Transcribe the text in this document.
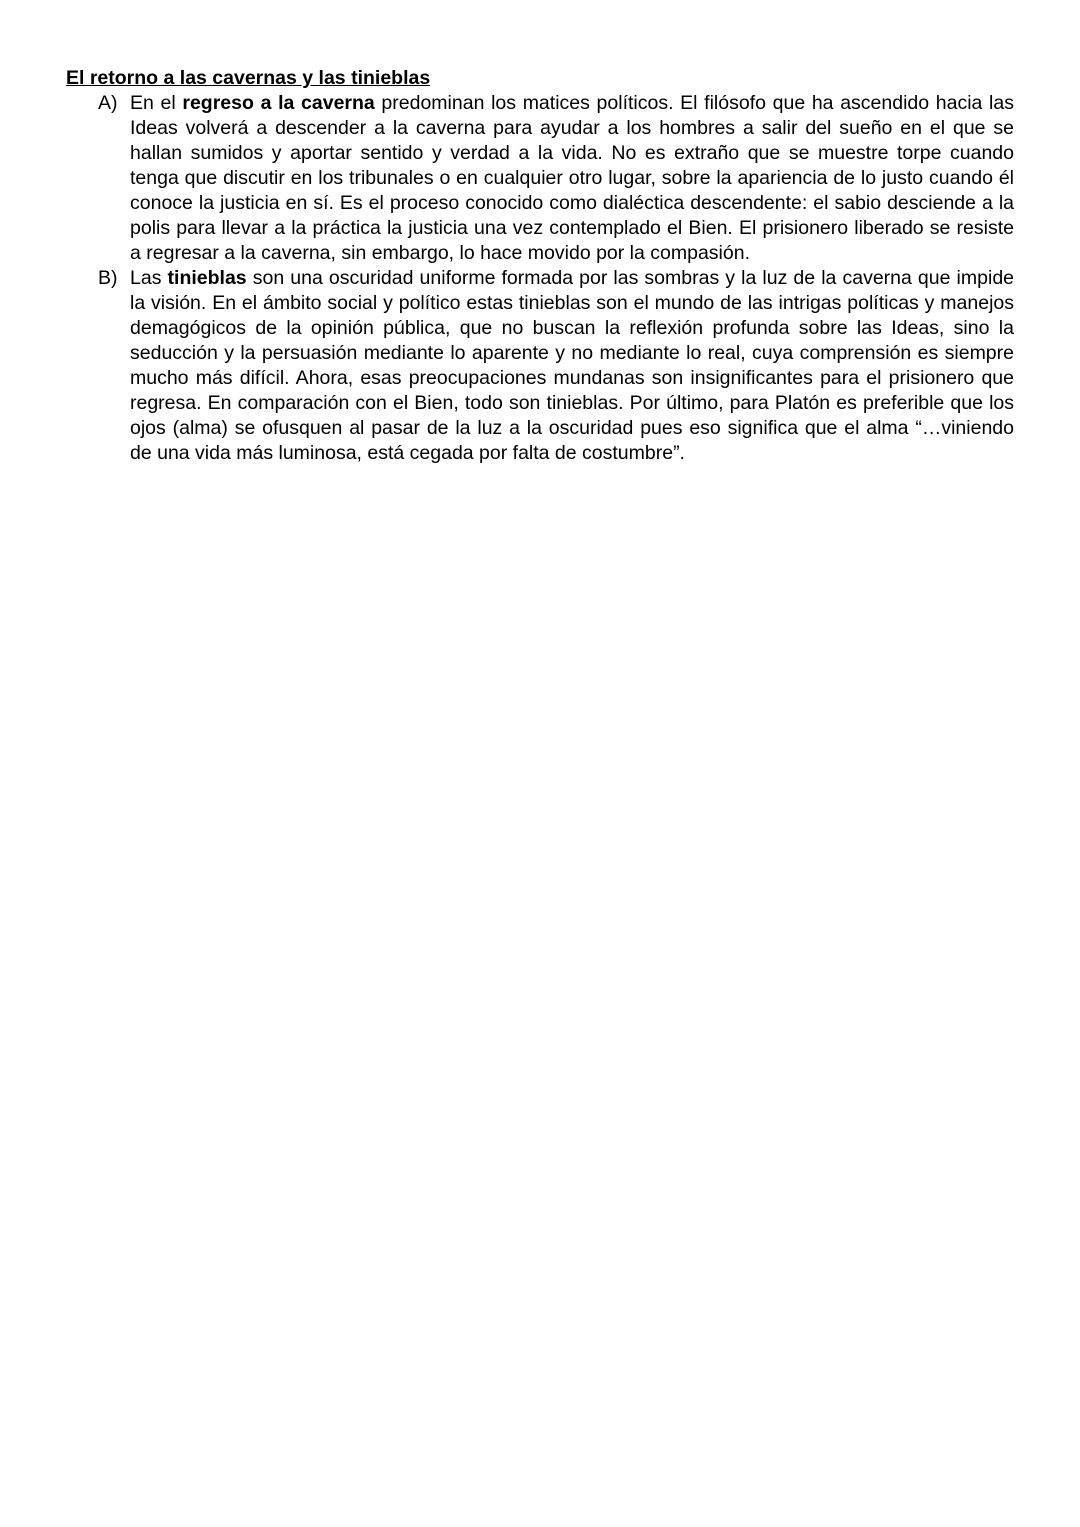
El retorno a las cavernas y las tinieblas

A) En el regreso a la caverna predominan los matices políticos. El filósofo que ha ascendido hacia las Ideas volverá a descender a la caverna para ayudar a los hombres a salir del sueño en el que se hallan sumidos y aportar sentido y verdad a la vida. No es extraño que se muestre torpe cuando tenga que discutir en los tribunales o en cualquier otro lugar, sobre la apariencia de lo justo cuando él conoce la justicia en sí. Es el proceso conocido como dialéctica descendente: el sabio desciende a la polis para llevar a la práctica la justicia una vez contemplado el Bien. El prisionero liberado se resiste a regresar a la caverna, sin embargo, lo hace movido por la compasión.

B) Las tinieblas son una oscuridad uniforme formada por las sombras y la luz de la caverna que impide la visión. En el ámbito social y político estas tinieblas son el mundo de las intrigas políticas y manejos demagógicos de la opinión pública, que no buscan la reflexión profunda sobre las Ideas, sino la seducción y la persuasión mediante lo aparente y no mediante lo real, cuya comprensión es siempre mucho más difícil. Ahora, esas preocupaciones mundanas son insignificantes para el prisionero que regresa. En comparación con el Bien, todo son tinieblas. Por último, para Platón es preferible que los ojos (alma) se ofusquen al pasar de la luz a la oscuridad pues eso significa que el alma “…viniendo de una vida más luminosa, está cegada por falta de costumbre”.
